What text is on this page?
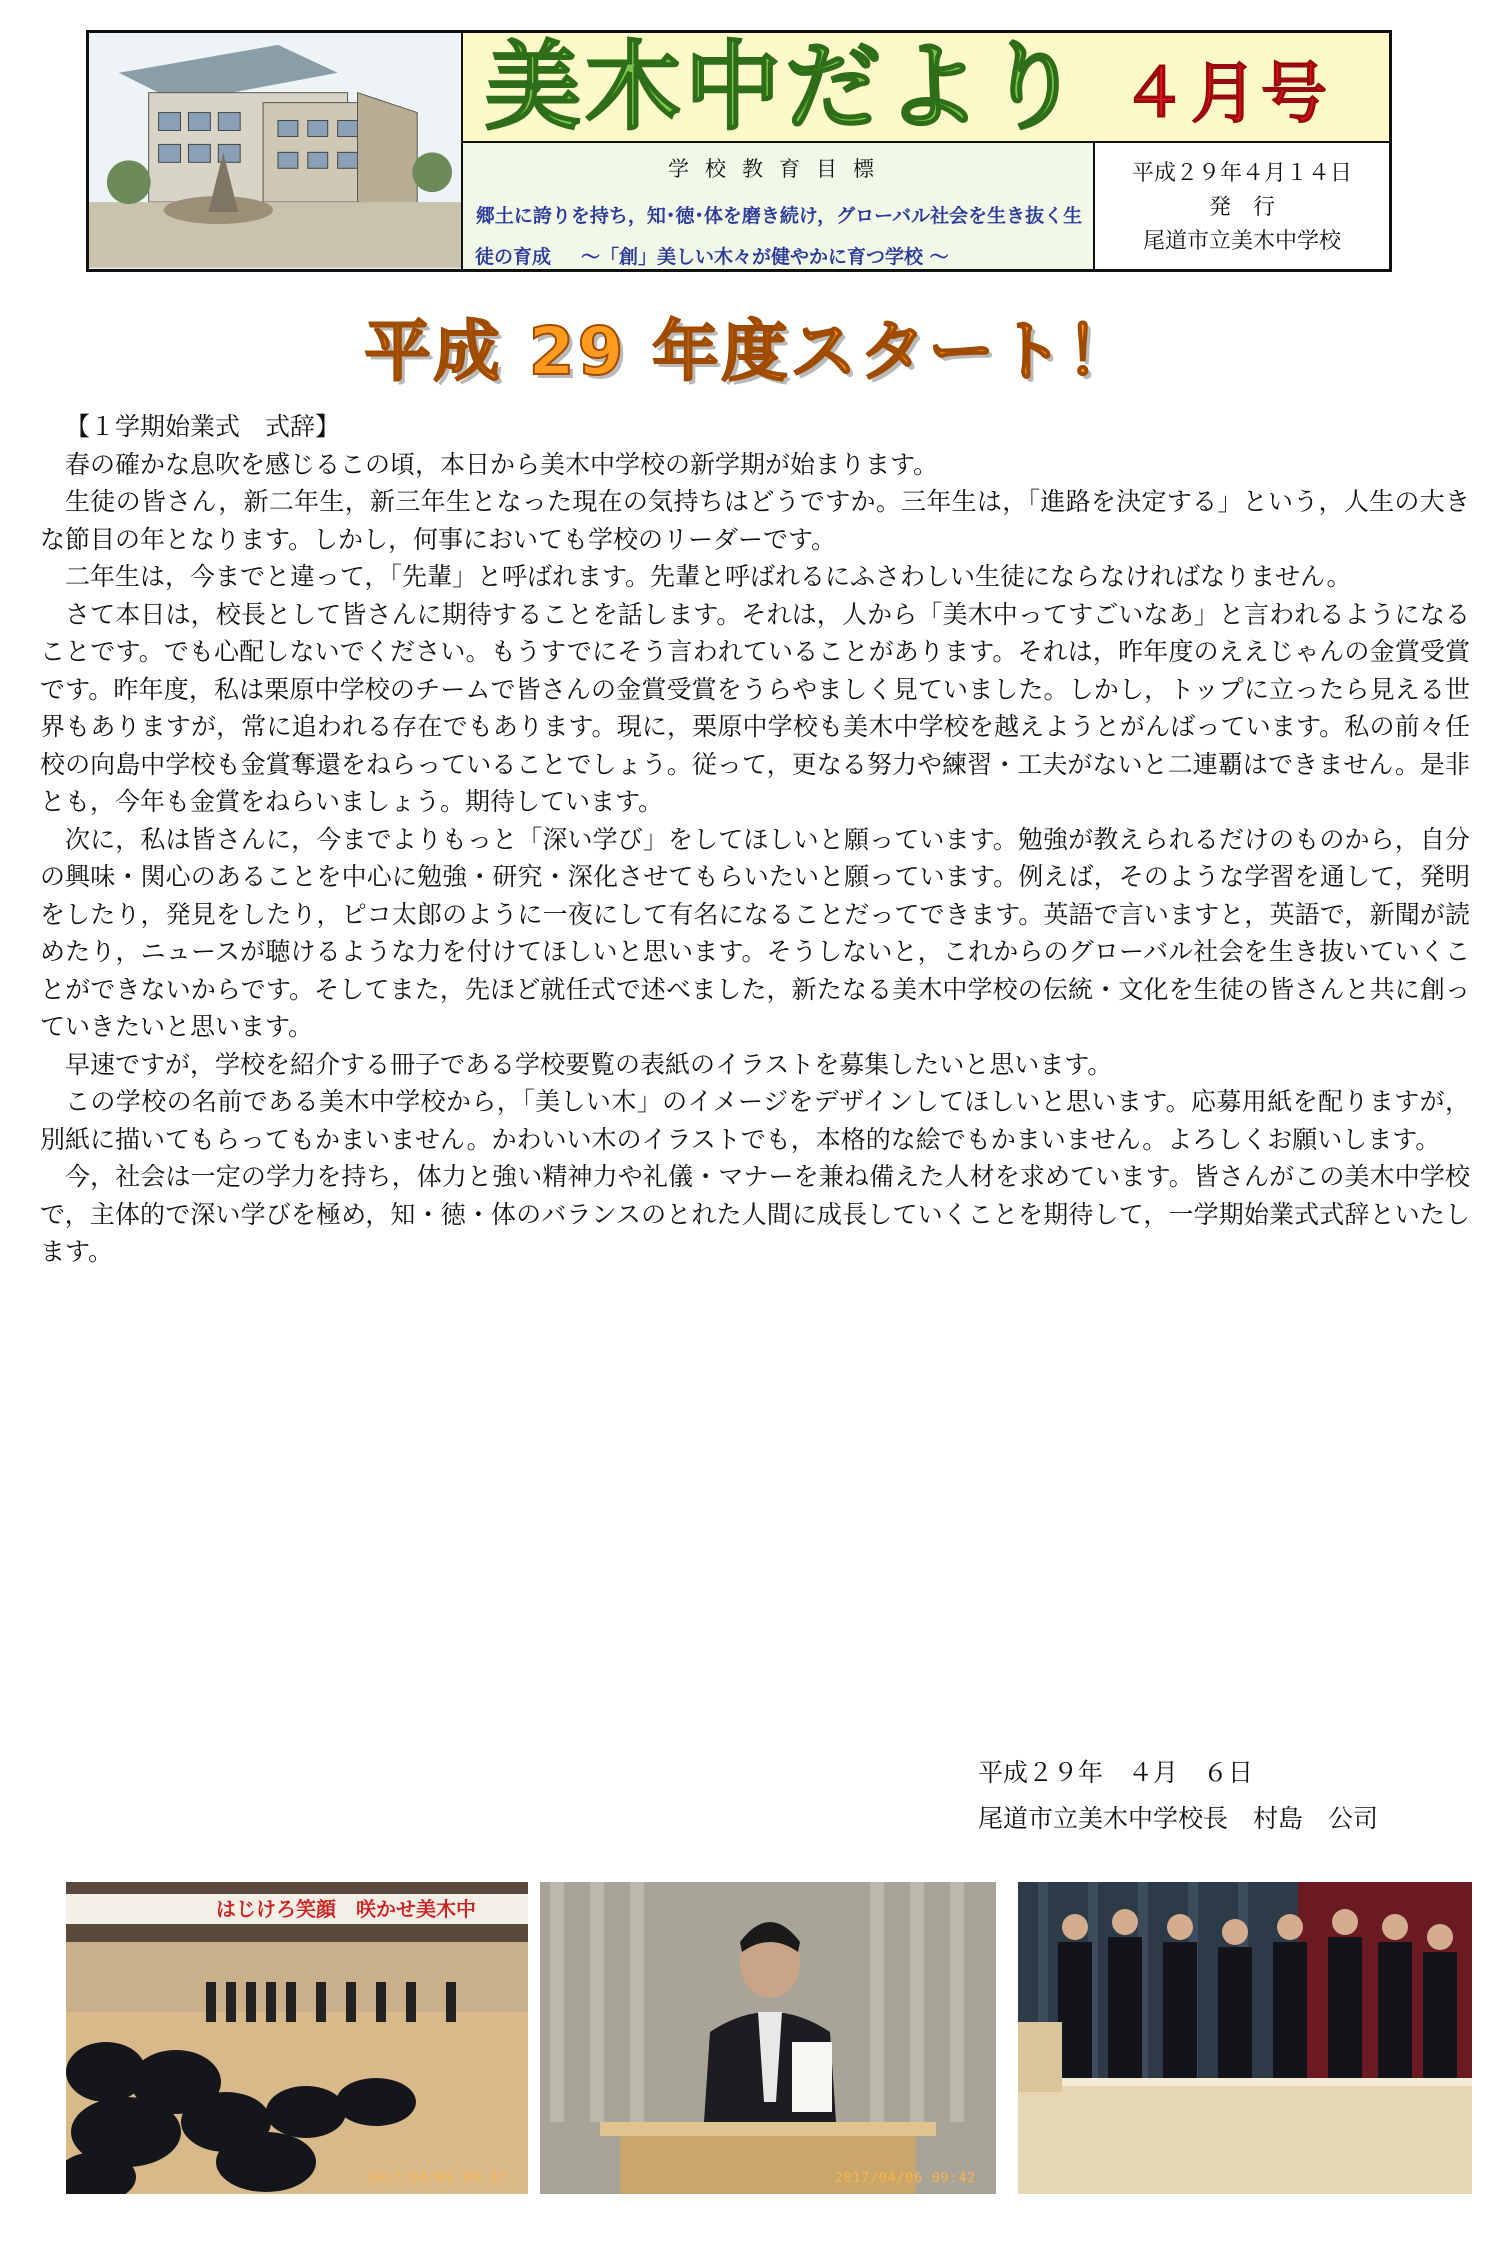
美木中だより ４月号
学校教育目標
郷土に誇りを持ち，知･徳･体を磨き続け，グローバル社会を生き抜く生
徒の育成 ～「創」美しい木々が健やかに育つ学校 ～
平成２９年４月１４日
発　行
尾道市立美木中学校
平成 29 年度スタート！

【１学期始業式　式辞】

春の確かな息吹を感じるこの頃，本日から美木中学校の新学期が始まります。

生徒の皆さん，新二年生，新三年生となった現在の気持ちはどうですか。三年生は，「進路を決定する」という，人生の大きな節目の年となります。しかし，何事においても学校のリーダーです。

二年生は，今までと違って，「先輩」と呼ばれます。先輩と呼ばれるにふさわしい生徒にならなければなりません。

さて本日は，校長として皆さんに期待することを話します。それは，人から「美木中ってすごいなあ」と言われるようになることです。でも心配しないでください。もうすでにそう言われていることがあります。それは，昨年度のええじゃんの金賞受賞です。昨年度，私は栗原中学校のチームで皆さんの金賞受賞をうらやましく見ていました。しかし，トップに立ったら見える世界もありますが，常に追われる存在でもあります。現に，栗原中学校も美木中学校を越えようとがんばっています。私の前々任校の向島中学校も金賞奪還をねらっていることでしょう。従って，更なる努力や練習・工夫がないと二連覇はできません。是非とも，今年も金賞をねらいましょう。期待しています。

次に，私は皆さんに，今までよりもっと「深い学び」をしてほしいと願っています。勉強が教えられるだけのものから，自分の興味・関心のあることを中心に勉強・研究・深化させてもらいたいと願っています。例えば，そのような学習を通して，発明をしたり，発見をしたり，ピコ太郎のように一夜にして有名になることだってできます。英語で言いますと，英語で，新聞が読めたり，ニュースが聴けるような力を付けてほしいと思います。そうしないと，これからのグローバル社会を生き抜いていくことができないからです。そしてまた，先ほど就任式で述べました，新たなる美木中学校の伝統・文化を生徒の皆さんと共に創っていきたいと思います。

早速ですが，学校を紹介する冊子である学校要覧の表紙のイラストを募集したいと思います。

この学校の名前である美木中学校から，「美しい木」のイメージをデザインしてほしいと思います。応募用紙を配りますが，別紙に描いてもらってもかまいません。かわいい木のイラストでも，本格的な絵でもかまいません。よろしくお願いします。

今，社会は一定の学力を持ち，体力と強い精神力や礼儀・マナーを兼ね備えた人材を求めています。皆さんがこの美木中学校で，主体的で深い学びを極め，知・徳・体のバランスのとれた人間に成長していくことを期待して，一学期始業式式辞といたします。

平成２９年　４月　６日
尾道市立美木中学校長　村島　公司
はじけろ笑顔　咲かせ美木中
2017/04/06 09:37	2017/04/06 09:42
